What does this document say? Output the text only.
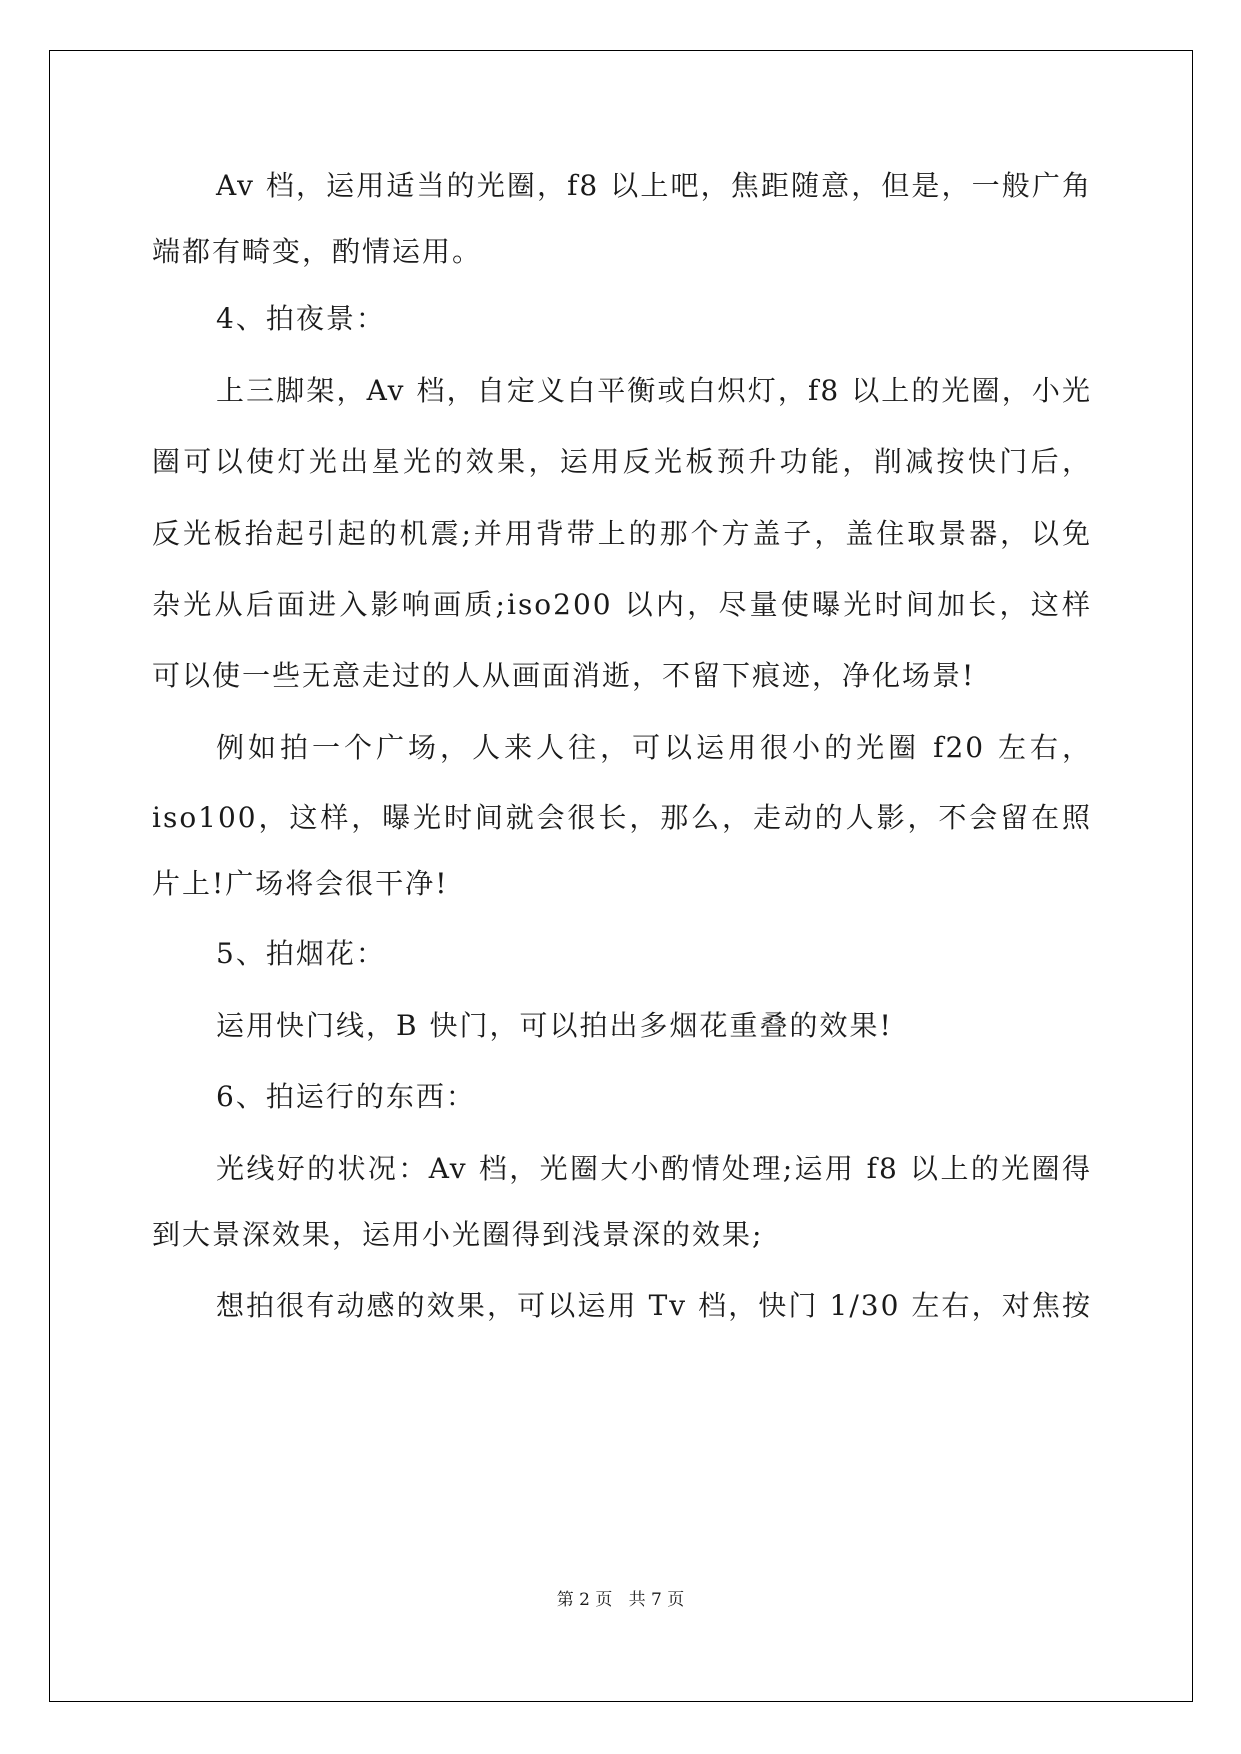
Av 档，运用适当的光圈，f8 以上吧，焦距随意，但是，一般广角
端都有畸变，酌情运用。
4、拍夜景：
上三脚架，Av 档，自定义白平衡或白炽灯，f8 以上的光圈，小光
圈可以使灯光出星光的效果，运用反光板预升功能，削减按快门后，
反光板抬起引起的机震;并用背带上的那个方盖子，盖住取景器，以免
杂光从后面进入影响画质;iso200 以内，尽量使曝光时间加长，这样
可以使一些无意走过的人从画面消逝，不留下痕迹，净化场景!
例如拍一个广场，人来人往，可以运用很小的光圈 f20 左右，
iso100，这样，曝光时间就会很长，那么，走动的人影，不会留在照
片上!广场将会很干净!
5、拍烟花：
运用快门线，B 快门，可以拍出多烟花重叠的效果!
6、拍运行的东西：
光线好的状况：Av 档，光圈大小酌情处理;运用 f8 以上的光圈得
到大景深效果，运用小光圈得到浅景深的效果;
想拍很有动感的效果，可以运用 Tv 档，快门 1/30 左右，对焦按
第 2 页   共 7 页
